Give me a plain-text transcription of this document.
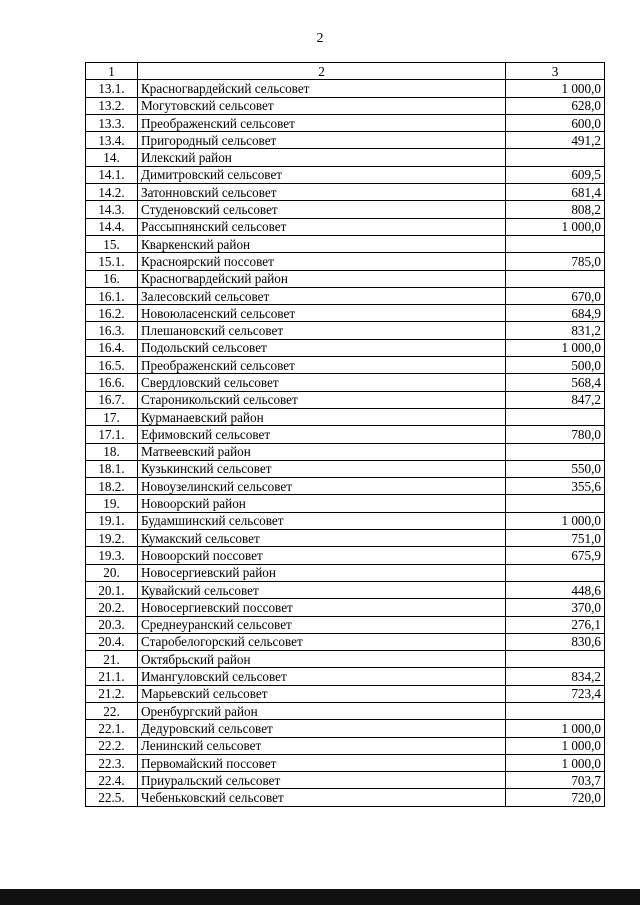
2
1	2	3
13.1.	Красногвардейский сельсовет	1 000,0
13.2.	Могутовский сельсовет	628,0
13.3.	Преображенский сельсовет	600,0
13.4.	Пригородный сельсовет	491,2
14.	Илекский район	
14.1.	Димитровский сельсовет	609,5
14.2.	Затонновский сельсовет	681,4
14.3.	Студеновский сельсовет	808,2
14.4.	Рассыпнянский сельсовет	1 000,0
15.	Кваркенский район	
15.1.	Краснояpский поссовет	785,0
16.	Красногвардейский район	
16.1.	Залесовский сельсовет	670,0
16.2.	Новоюласенский сельсовет	684,9
16.3.	Плешановский сельсовет	831,2
16.4.	Подольский сельсовет	1 000,0
16.5.	Преображенский сельсовет	500,0
16.6.	Свердловский сельсовет	568,4
16.7.	Староникольский сельсовет	847,2
17.	Курманаевский район	
17.1.	Ефимовский сельсовет	780,0
18.	Матвеевский район	
18.1.	Кузькинский сельсовет	550,0
18.2.	Новоузелинский сельсовет	355,6
19.	Новоорский район	
19.1.	Будамшинский сельсовет	1 000,0
19.2.	Кумакский сельсовет	751,0
19.3.	Новоорский поссовет	675,9
20.	Новосергиевский район	
20.1.	Кувайский сельсовет	448,6
20.2.	Новосергиевский поссовет	370,0
20.3.	Среднеуранский сельсовет	276,1
20.4.	Старобелогорский сельсовет	830,6
21.	Октябрьский район	
21.1.	Имангуловский сельсовет	834,2
21.2.	Марьевский сельсовет	723,4
22.	Оренбургский район	
22.1.	Дедуровский сельсовет	1 000,0
22.2.	Ленинский сельсовет	1 000,0
22.3.	Первомайский поссовет	1 000,0
22.4.	Приуральский сельсовет	703,7
22.5.	Чебеньковский сельсовет	720,0
